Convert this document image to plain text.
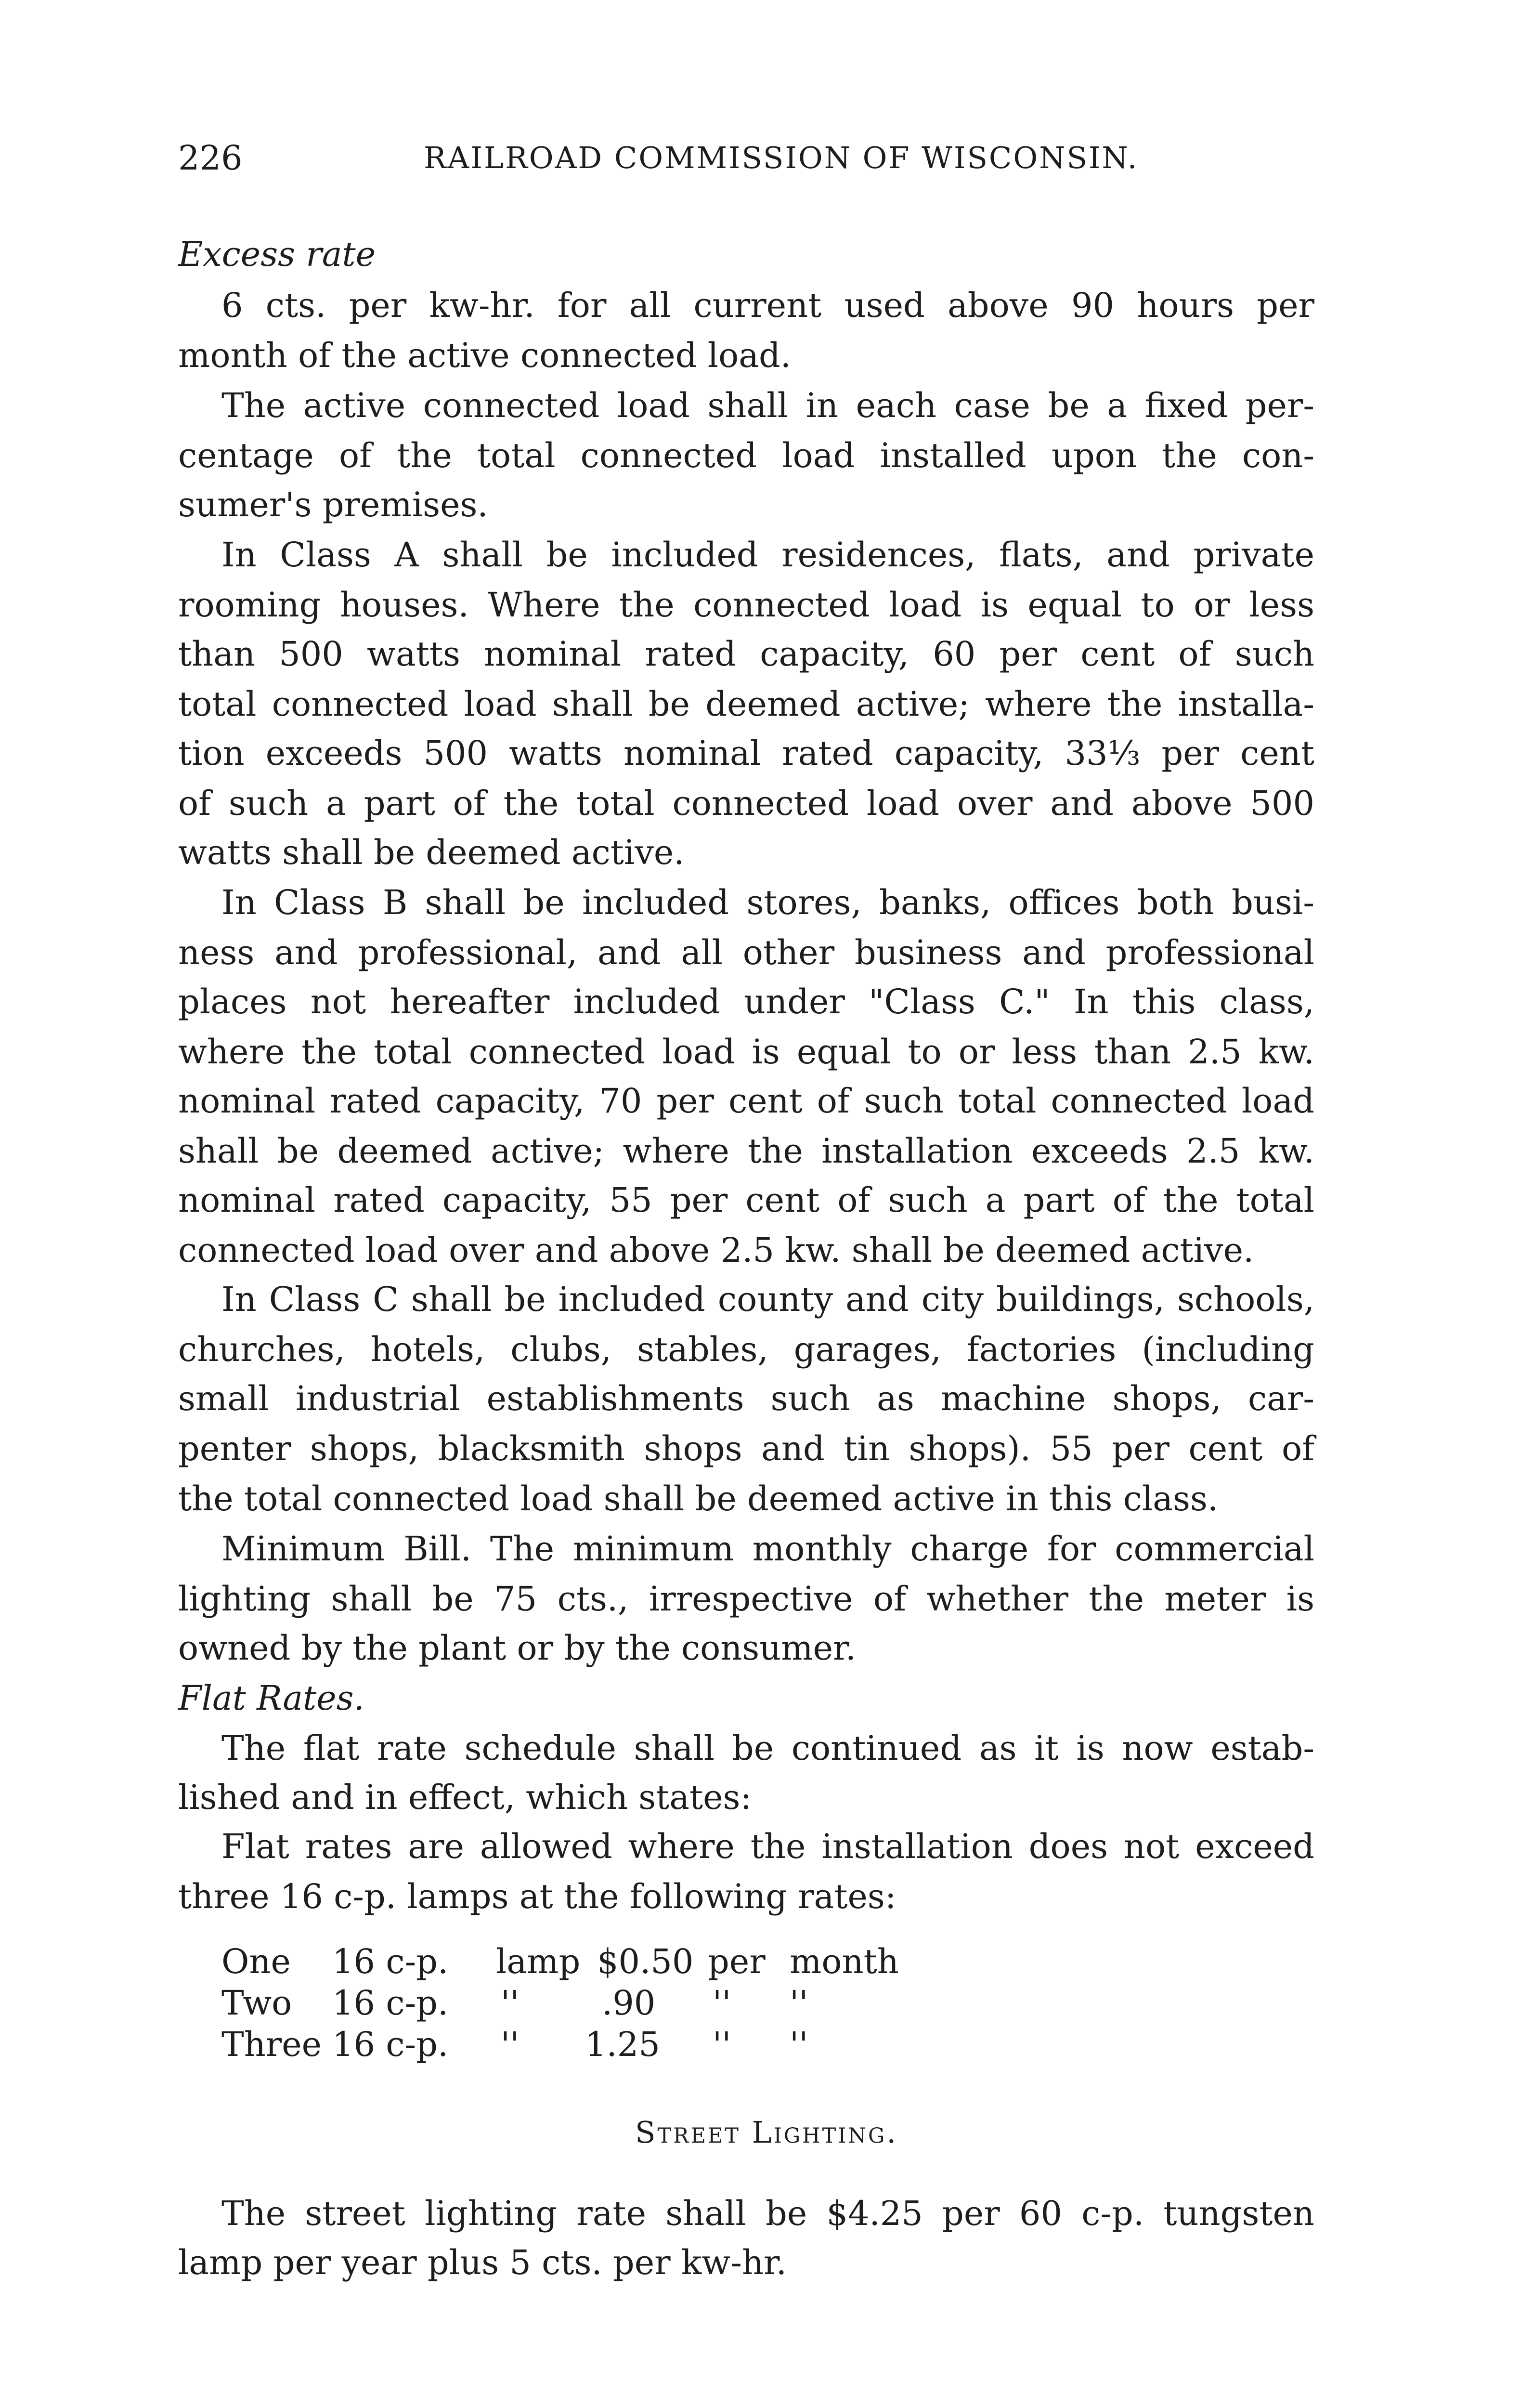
226	RAILROAD COMMISSION OF WISCONSIN.
Excess rate
6 cts. per kw-hr. for all current used above 90 hours per
month of the active connected load.
The active connected load shall in each case be a fixed per-
centage of the total connected load installed upon the con-
sumer's premises.
In Class A shall be included residences, flats, and private
rooming houses. Where the connected load is equal to or less
than 500 watts nominal rated capacity, 60 per cent of such
total connected load shall be deemed active; where the installa-
tion exceeds 500 watts nominal rated capacity, 33⅓ per cent
of such a part of the total connected load over and above 500
watts shall be deemed active.
In Class B shall be included stores, banks, offices both busi-
ness and professional, and all other business and professional
places not hereafter included under "Class C." In this class,
where the total connected load is equal to or less than 2.5 kw.
nominal rated capacity, 70 per cent of such total connected load
shall be deemed active; where the installation exceeds 2.5 kw.
nominal rated capacity, 55 per cent of such a part of the total
connected load over and above 2.5 kw. shall be deemed active.
In Class C shall be included county and city buildings, schools,
churches, hotels, clubs, stables, garages, factories (including
small industrial establishments such as machine shops, car-
penter shops, blacksmith shops and tin shops). 55 per cent of
the total connected load shall be deemed active in this class.
Minimum Bill. The minimum monthly charge for commercial
lighting shall be 75 cts., irrespective of whether the meter is
owned by the plant or by the consumer.
Flat Rates.
The flat rate schedule shall be continued as it is now estab-
lished and in effect, which states:
Flat rates are allowed where the installation does not exceed
three 16 c-p. lamps at the following rates:
One 16 c-p. lamp $0.50 per month
Two 16 c-p. '' .90 '' ''
Three 16 c-p. '' 1.25 '' ''
Street Lighting.
The street lighting rate shall be $4.25 per 60 c-p. tungsten
lamp per year plus 5 cts. per kw-hr.
